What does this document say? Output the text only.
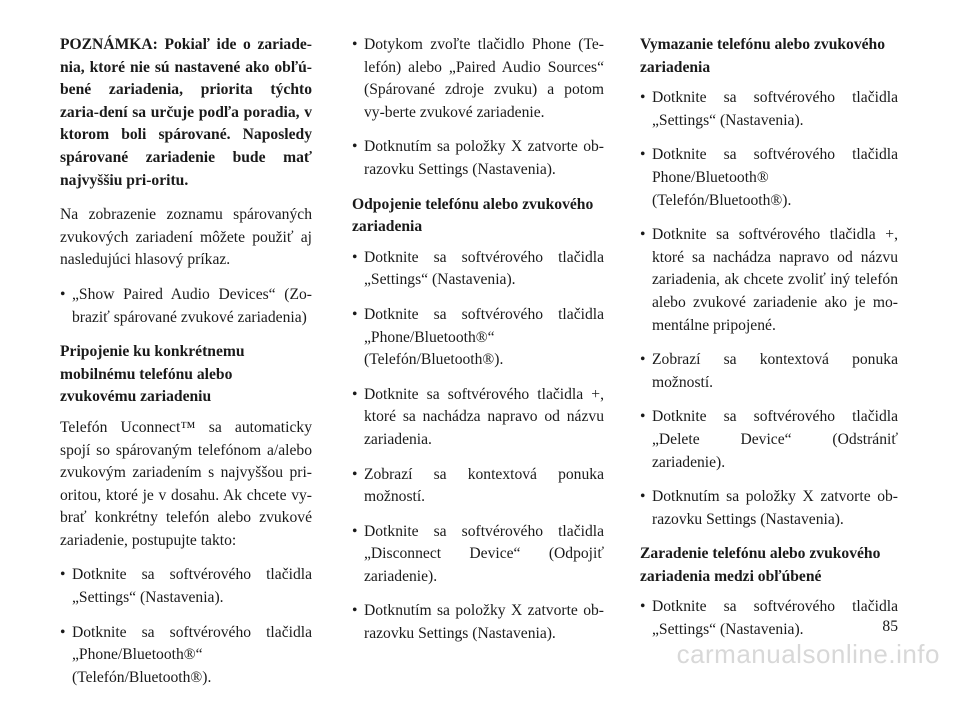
POZNÁMKA: Pokiaľ ide o zariade-nia, ktoré nie sú nastavené ako obľú-bené zariadenia, priorita týchto zaria-dení sa určuje podľa poradia, v ktorom boli spárované. Naposledy spárované zariadenie bude mať najvyššiu pri-oritu.

Na zobrazenie zoznamu spárovaných zvukových zariadení môžete použiť aj nasledujúci hlasový príkaz.

• „Show Paired Audio Devices“ (Zo-braziť spárované zvukové zariadenia)
Pripojenie ku konkrétnemu mobilnému telefónu alebo zvukovému zariadeniu

Telefón Uconnect™ sa automaticky spojí so spárovaným telefónom a/alebo zvukovým zariadením s najvyššou pri-oritou, ktoré je v dosahu. Ak chcete vy-brať konkrétny telefón alebo zvukové zariadenie, postupujte takto:

• Dotknite sa softvérového tlačidla „Settings“ (Nastavenia).
• Dotknite sa softvérového tlačidla „Phone/Bluetooth®“ (Telefón/Bluetooth®).
• Dotykom zvoľte tlačidlo Phone (Te-lefón) alebo „Paired Audio Sources“ (Spárované zdroje zvuku) a potom vy-berte zvukové zariadenie.
• Dotknutím sa položky X zatvorte ob-razovku Settings (Nastavenia).
Odpojenie telefónu alebo zvukového zariadenia
• Dotknite sa softvérového tlačidla „Settings“ (Nastavenia).
• Dotknite sa softvérového tlačidla „Phone/Bluetooth®“ (Telefón/Bluetooth®).
• Dotknite sa softvérového tlačidla +, ktoré sa nachádza napravo od názvu zariadenia.
• Zobrazí sa kontextová ponuka možností.
• Dotknite sa softvérového tlačidla „Disconnect Device“ (Odpojiť zariadenie).
• Dotknutím sa položky X zatvorte ob-razovku Settings (Nastavenia).
Vymazanie telefónu alebo zvukového zariadenia
• Dotknite sa softvérového tlačidla „Settings“ (Nastavenia).
• Dotknite sa softvérového tlačidla Phone/Bluetooth® (Telefón/Bluetooth®).
• Dotknite sa softvérového tlačidla +, ktoré sa nachádza napravo od názvu zariadenia, ak chcete zvoliť iný telefón alebo zvukové zariadenie ako je mo-mentálne pripojené.
• Zobrazí sa kontextová ponuka možností.
• Dotknite sa softvérového tlačidla „Delete Device“ (Odstrániť zariadenie).
• Dotknutím sa položky X zatvorte ob-razovku Settings (Nastavenia).
Zaradenie telefónu alebo zvukového zariadenia medzi obľúbené
• Dotknite sa softvérového tlačidla „Settings“ (Nastavenia).	85
carmanualsonline.info
